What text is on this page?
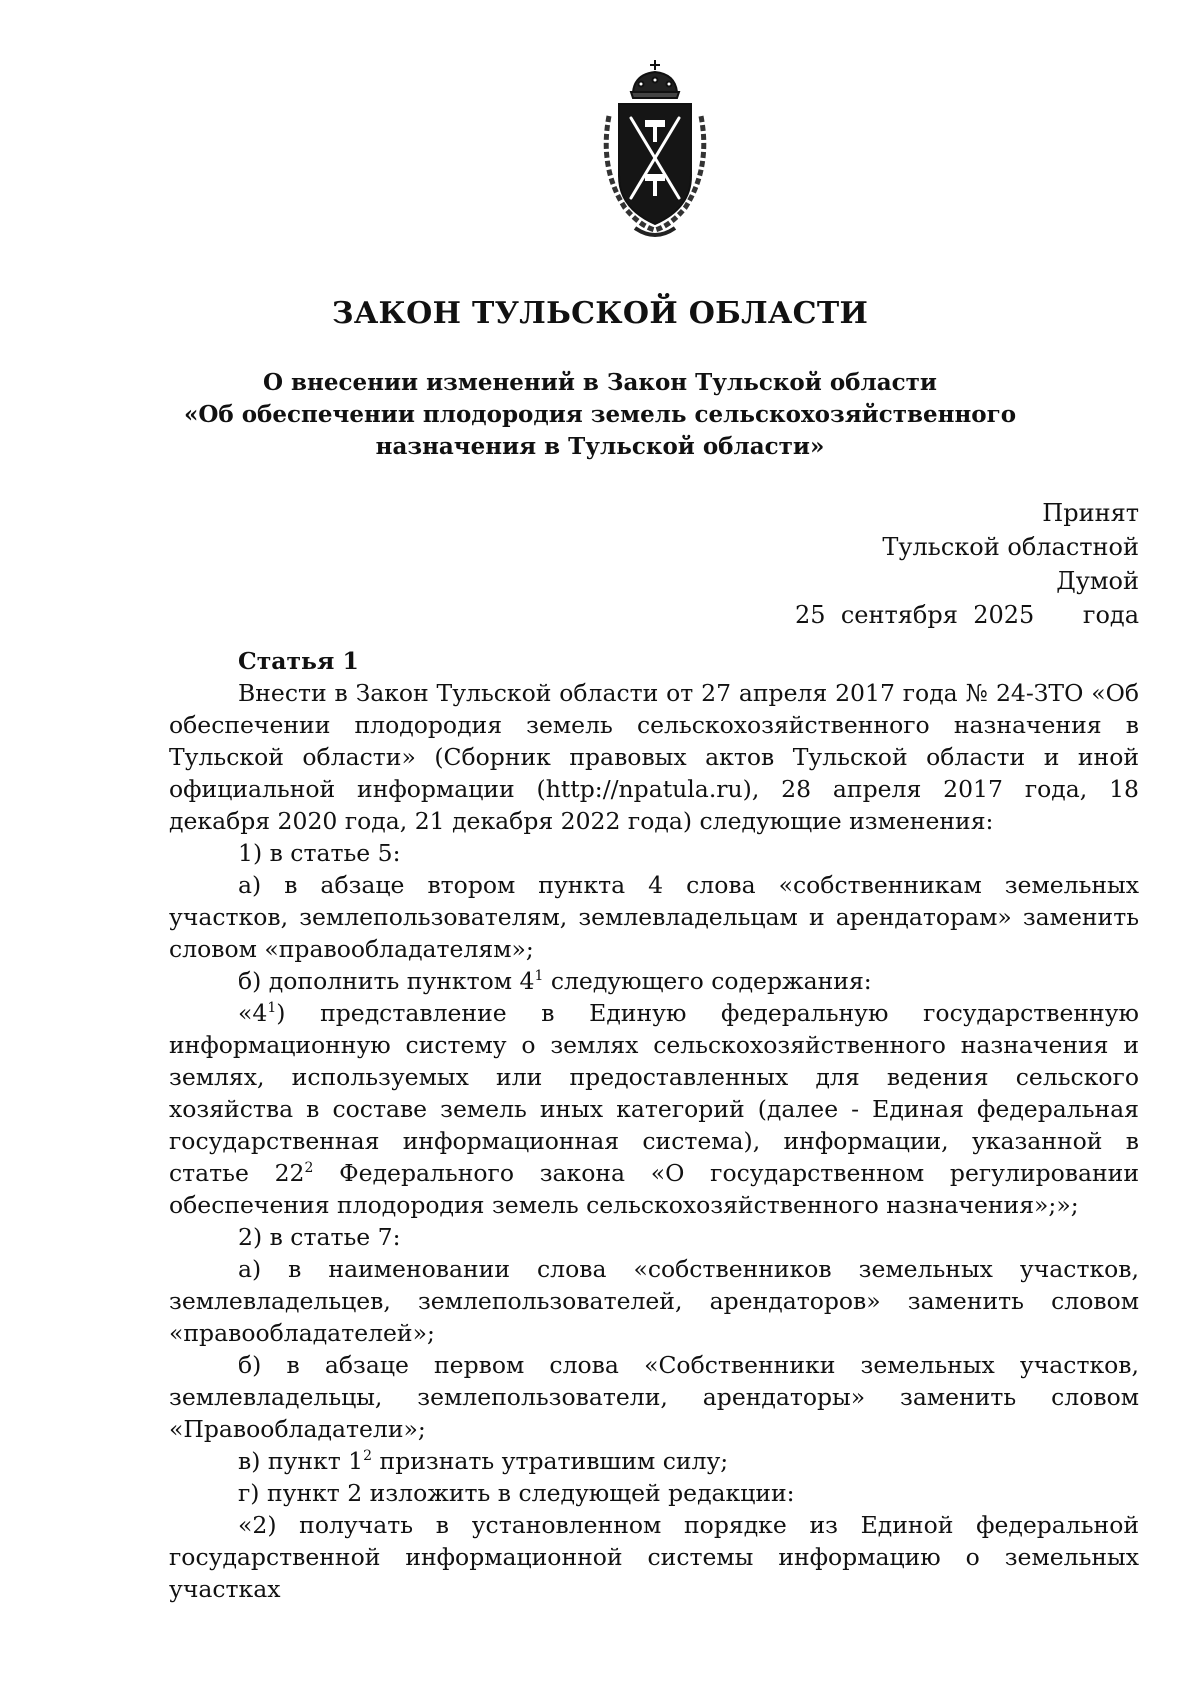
ЗАКОН ТУЛЬСКОЙ ОБЛАСТИ
О внесении изменений в Закон Тульской области
«Об обеспечении плодородия земель сельскохозяйственного
назначения в Тульской области»
Принят
Тульской областной Думой
25 сентября 2025 года
Статья 1
Внести в Закон Тульской области от 27 апреля 2017 года № 24-ЗТО «Об обеспечении плодородия земель сельскохозяйственного назначения в Тульской области» (Сборник правовых актов Тульской области и иной официальной информации (http://npatula.ru), 28 апреля 2017 года, 18 декабря 2020 года, 21 декабря 2022 года) следующие изменения:
1) в статье 5:
а) в абзаце втором пункта 4 слова «собственникам земельных участков, землепользователям, землевладельцам и арендаторам» заменить словом «правообладателям»;
б) дополнить пунктом $4^1$ следующего содержания:
«$4^1$) представление в Единую федеральную государственную информационную систему о землях сельскохозяйственного назначения и землях, используемых или предоставленных для ведения сельского хозяйства в составе земель иных категорий (далее - Единая федеральная государственная информационная система), информации, указанной в статье $22^2$ Федерального закона «О государственном регулировании обеспечения плодородия земель сельскохозяйственного назначения»;»;
2) в статье 7:
а) в наименовании слова «собственников земельных участков, землевладельцев, землепользователей, арендаторов» заменить словом «правообладателей»;
б) в абзаце первом слова «Собственники земельных участков, землевладельцы, землепользователи, арендаторы» заменить словом «Правообладатели»;
в) пункт $1^2$ признать утратившим силу;
г) пункт 2 изложить в следующей редакции:
«2) получать в установленном порядке из Единой федеральной
государственной информационной системы информацию о земельных участках
